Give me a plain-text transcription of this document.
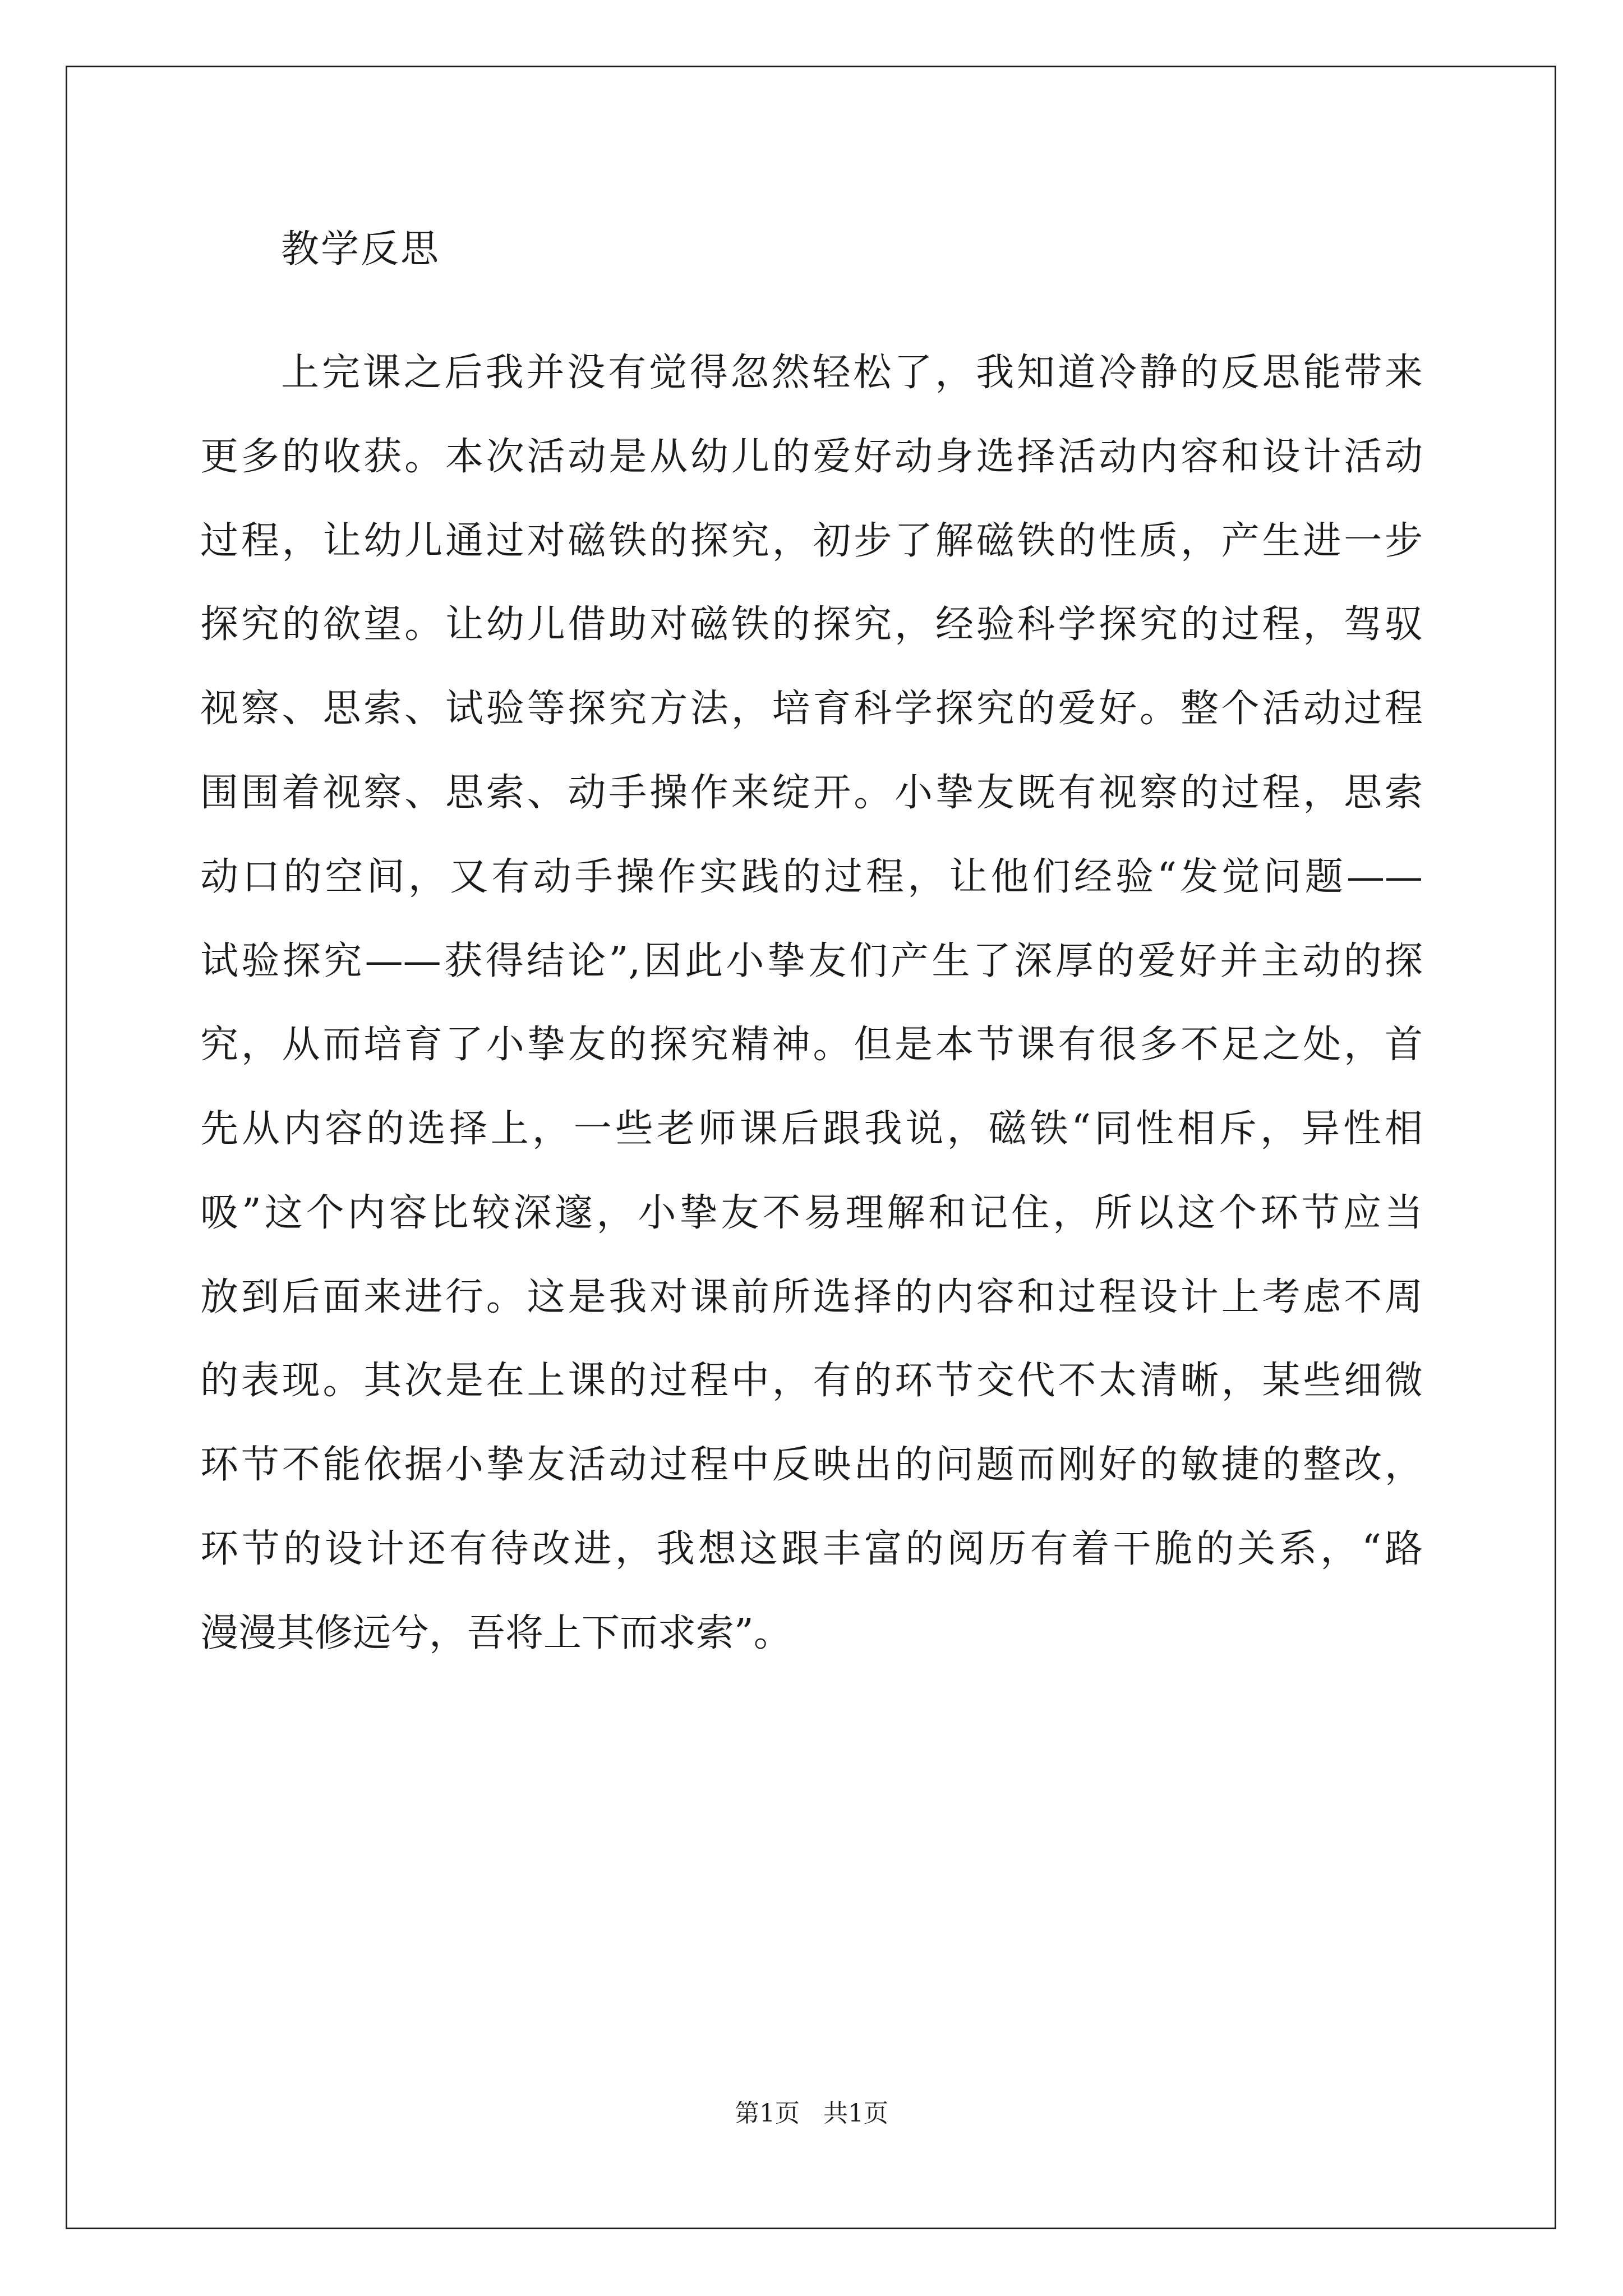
教学反思
上完课之后我并没有觉得忽然轻松了，我知道冷静的反思能带来
更多的收获。本次活动是从幼儿的爱好动身选择活动内容和设计活动
过程，让幼儿通过对磁铁的探究，初步了解磁铁的性质，产生进一步
探究的欲望。让幼儿借助对磁铁的探究，经验科学探究的过程，驾驭
视察、思索、试验等探究方法，培育科学探究的爱好。整个活动过程
围围着视察、思索、动手操作来绽开。小挚友既有视察的过程，思索
动口的空间，又有动手操作实践的过程，让他们经验“发觉问题——
试验探究——获得结论”,因此小挚友们产生了深厚的爱好并主动的探
究，从而培育了小挚友的探究精神。但是本节课有很多不足之处，首
先从内容的选择上，一些老师课后跟我说，磁铁“同性相斥，异性相
吸”这个内容比较深邃，小挚友不易理解和记住，所以这个环节应当
放到后面来进行。这是我对课前所选择的内容和过程设计上考虑不周
的表现。其次是在上课的过程中，有的环节交代不太清晰，某些细微
环节不能依据小挚友活动过程中反映出的问题而刚好的敏捷的整改，
环节的设计还有待改进，我想这跟丰富的阅历有着干脆的关系，“路
漫漫其修远兮，吾将上下而求索”。
第1页 共1页
